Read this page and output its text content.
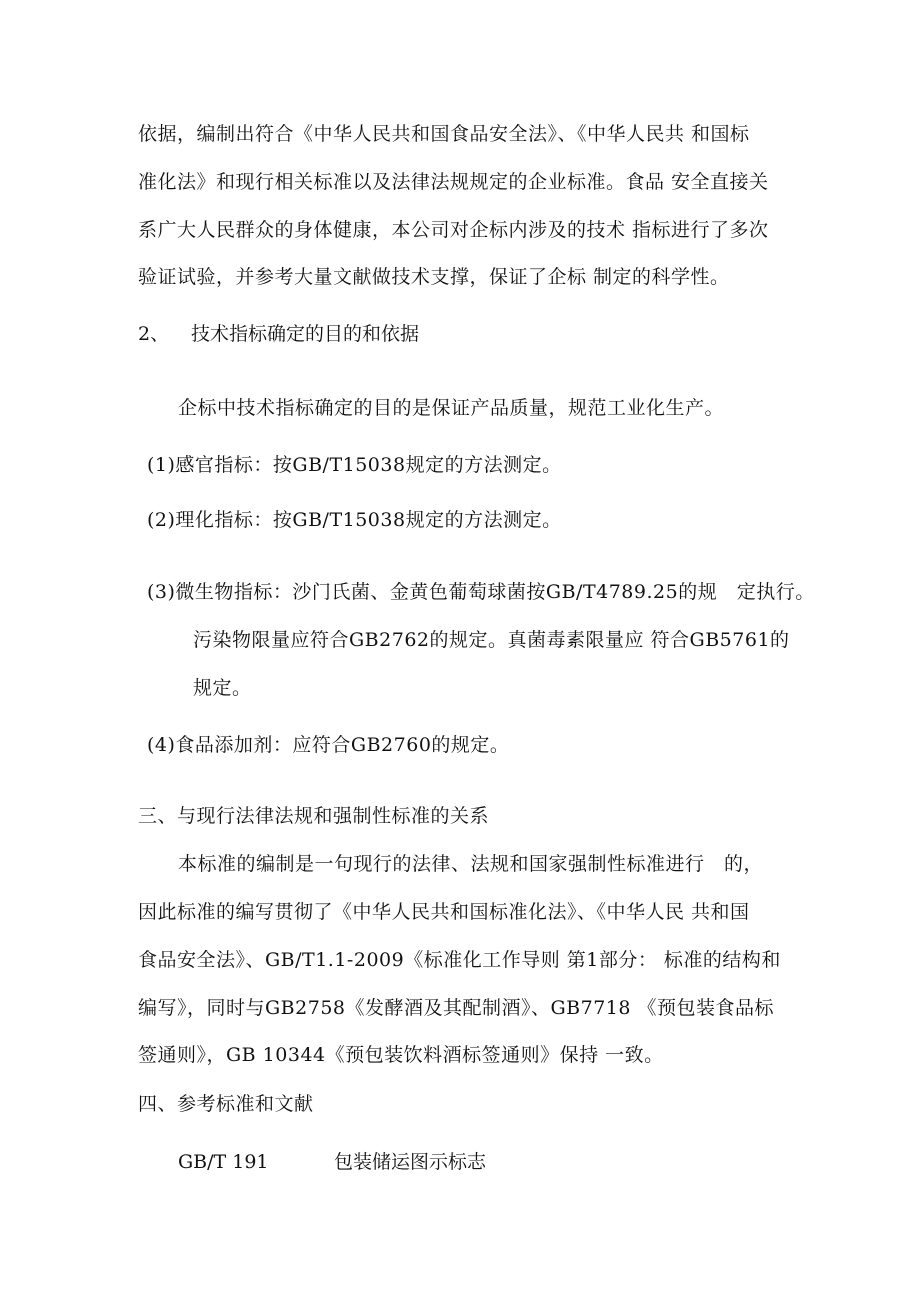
依据，编制出符合《中华人民共和国食品安全法》、《中华人民共 和国标
准化法》和现行相关标准以及法律法规规定的企业标准。食品 安全直接关
系广大人民群众的身体健康，本公司对企标内涉及的技术 指标进行了多次
验证试验，并参考大量文献做技术支撑，保证了企标 制定的科学性。
2、 技术指标确定的目的和依据
企标中技术指标确定的目的是保证产品质量，规范工业化生产。
(1)感官指标：按GB/T15038规定的方法测定。
(2)理化指标：按GB/T15038规定的方法测定。
(3)微生物指标：沙门氏菌、金黄色葡萄球菌按GB/T4789.25的规　定执行。
污染物限量应符合GB2762的规定。真菌毒素限量应 符合GB5761的
规定。
(4)食品添加剂：应符合GB2760的规定。
三、与现行法律法规和强制性标准的关系
本标准的编制是一句现行的法律、法规和国家强制性标准进行　的，
因此标准的编写贯彻了《中华人民共和国标准化法》、《中华人民 共和国
食品安全法》、GB/T1.1-2009《标准化工作导则 第1部分： 标准的结构和
编写》，同时与GB2758《发酵酒及其配制酒》、GB7718 《预包装食品标
签通则》，GB 10344《预包装饮料酒标签通则》保持 一致。
四、参考标准和文献
GB/T 191	包装储运图示标志
